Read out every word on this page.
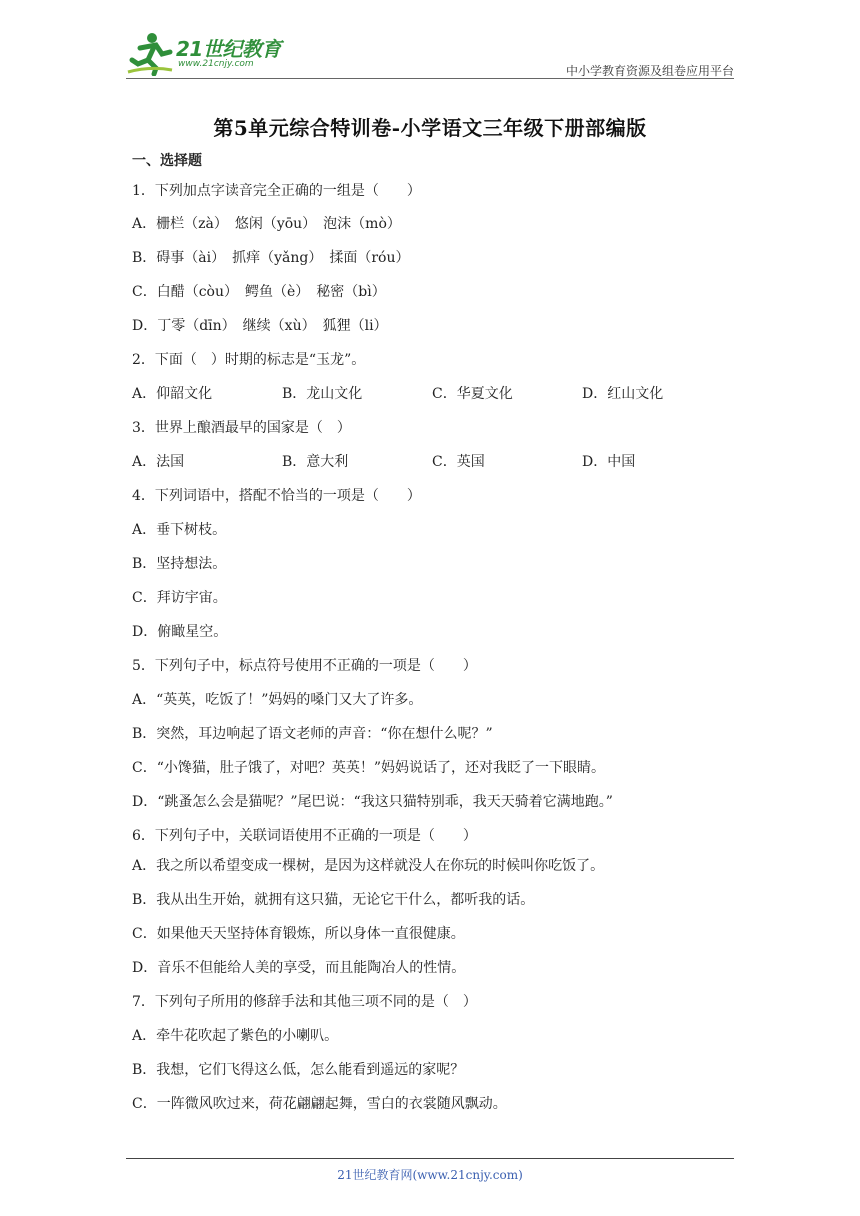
21世纪教育
www.21cnjy.com	中小学教育资源及组卷应用平台
第5单元综合特训卷-小学语文三年级下册部编版
一、选择题
1．下列加点字读音完全正确的一组是（　　）
A．栅栏（zà）　悠闲（yōu）　泡沫（mò）
B．碍事（ài）　抓痒（yǎng）　揉面（róu）
C．白醋（còu）　鳄鱼（è）　秘密（bì）
D．丁零（dīn）　继续（xù）　狐狸（li）
2．下面（　）时期的标志是“玉龙”。
A．仰韶文化	B．龙山文化	C．华夏文化	D．红山文化
3．世界上酿酒最早的国家是（　）
A．法国	B．意大利	C．英国	D．中国
4．下列词语中，搭配不恰当的一项是（　　）
A．垂下树枝。
B．坚持想法。
C．拜访宇宙。
D．俯瞰星空。
5．下列句子中，标点符号使用不正确的一项是（　　）
A．“英英，吃饭了！”妈妈的嗓门又大了许多。
B．突然，耳边响起了语文老师的声音：“你在想什么呢？”
C．“小馋猫，肚子饿了，对吧？英英！”妈妈说话了，还对我眨了一下眼睛。
D．“跳蚤怎么会是猫呢？”尾巴说：“我这只猫特别乖，我天天骑着它满地跑。”
6．下列句子中，关联词语使用不正确的一项是（　　）
A．我之所以希望变成一棵树，是因为这样就没人在你玩的时候叫你吃饭了。
B．我从出生开始，就拥有这只猫，无论它干什么，都听我的话。
C．如果他天天坚持体育锻炼，所以身体一直很健康。
D．音乐不但能给人美的享受，而且能陶冶人的性情。
7．下列句子所用的修辞手法和其他三项不同的是（　）
A．牵牛花吹起了紫色的小喇叭。
B．我想，它们飞得这么低，怎么能看到遥远的家呢？
C．一阵微风吹过来，荷花翩翩起舞，雪白的衣裳随风飘动。
21世纪教育网(www.21cnjy.com)
